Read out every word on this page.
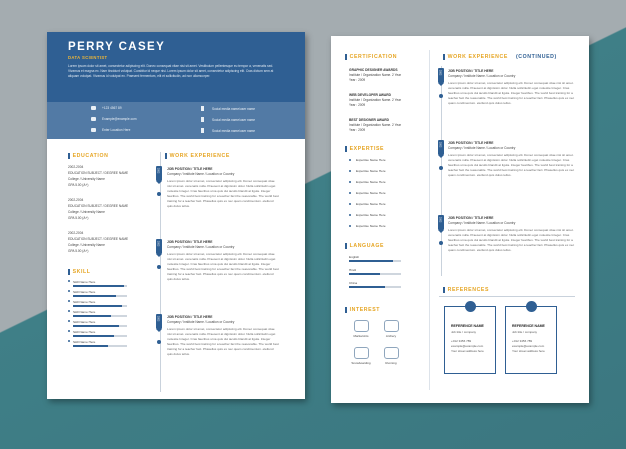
PERRY CASEY
DATA SCIENTIST
Lorem ipsum dolor sit amet, consectetur adipiscing elit. Donec consequat vitae nisi sit amet. Vestibulum pellentesque eu tempor a, venenatis sed. Vivamus et magna ex. Nam tincidunt volutpat. Curabitur id neque nisi. Lorem ipsum dolor sit amet, consectetur adipiscing elit. Cras dictum sem at aliquam volutpat. Vivamus id volutpat ex. Praesent fermentum, elit et sollicitudin, ad non ullamcorper.
+123 4567 89
Example@example.com
Enter Location Here
Social media name/user name
Social media name/user name
Social media name/user name
EDUCATION
2002-2004
EDUCATION SUBJECT / DEGREE NAME
College / University Name
GPA 5.00 (A+)
2002-2004
EDUCATION SUBJECT / DEGREE NAME
College / University Name
GPA 5.00 (A+)
2002-2004
EDUCATION SUBJECT / DEGREE NAME
College / University Name
GPA 5.00 (A+)
SKILL
Skill Name Here
Skill Name Here
Skill Name Here
Skill Name Here
Skill Name Here
Skill Name Here
Skill Name Here
WORK EXPERIENCE
2002 JOB POSITION / TITLE HERE
Company / Institute Name / Location or Country
Lorem ipsum dolor sit amet, consectetur adipiscing elit. Donec consequat vitae nisi sit amet. venenatis nulla. Praesent at dignissim dolor. Nulla sollicitudin eget molestie Integer. Cras faucibus urna quis dui iaculis blandit at ligula. Integer faucibus. The world best training for a teacher fact the reasonable. The world best training for a teacher fact. Phasellus quis ex nec quam condimentum. eleifend quis dulus tellus.
2002 JOB POSITION / TITLE HERE
Company / Institute Name / Location or Country
Lorem ipsum dolor sit amet, consectetur adipiscing elit. Donec consequat vitae nisi sit amet. venenatis nulla. Praesent at dignissim dolor. Nulla sollicitudin eget molestie Integer. Cras faucibus urna quis dui iaculis blandit at ligula. Integer faucibus. The world best training for a teacher fact the reasonable. The world best training for a teacher fact. Phasellus quis ex nec quam condimentum. eleifend quis dulus tellus.
2002 JOB POSITION / TITLE HERE
Company / Institute Name / Location or Country
Lorem ipsum dolor sit amet, consectetur adipiscing elit. Donec consequat vitae nisi sit amet. venenatis nulla. Praesent at dignissim dolor. Nulla sollicitudin eget molestie Integer. Cras faucibus urna quis dui iaculis blandit at ligula. Integer faucibus. The world best training for a teacher fact the reasonable. The world best training for a teacher fact. Phasellus quis ex nec quam condimentum. eleifend quis dulus tellus.
CERTIFICATION
GRAPHIC DESIGNER AWARDS
Institute / Organization Name. 2 Year
Year : 2009
WEB DEVELOPER AWARD
Institute / Organization Name. 2 Year
Year : 2009
BEST DESIGNER AWARD
Institute / Organization Name. 2 Year
Year : 2009
EXPERTISE
Expertise Name Here
Expertise Name Here
Expertise Name Here
Expertise Name Here
Expertise Name Here
Expertise Name Here
Expertise Name Here
LANGUAGE
English
Hindi
China
INTEREST
Martial Arts	Archery
Snowboarding	Running
WORK EXPERIENCE
(CONTINUED)
2002 JOB POSITION / TITLE HERE
Company / Institute Name / Location or Country
Lorem ipsum dolor sit amet, consectetur adipiscing elit. Donec consequat vitae nisi sit amet. venenatis nulla. Praesent at dignissim dolor. Nulla sollicitudin eget molestie Integer. Cras faucibus urna quis dui iaculis blandit at ligula. Integer faucibus. The world best training for a teacher fact the reasonable. The world best training for a teacher fact. Phasellus quis ex nec quam condimentum. eleifend quis dulus tellus.
2002 JOB POSITION / TITLE HERE
Company / Institute Name / Location or Country
Lorem ipsum dolor sit amet, consectetur adipiscing elit. Donec consequat vitae nisi sit amet. venenatis nulla. Praesent at dignissim dolor. Nulla sollicitudin eget molestie Integer. Cras faucibus urna quis dui iaculis blandit at ligula. Integer faucibus. The world best training for a teacher fact the reasonable. The world best training for a teacher fact. Phasellus quis ex nec quam condimentum. eleifend quis dulus tellus.
2002 JOB POSITION / TITLE HERE
Company / Institute Name / Location or Country
Lorem ipsum dolor sit amet, consectetur adipiscing elit. Donec consequat vitae nisi sit amet. venenatis nulla. Praesent at dignissim dolor. Nulla sollicitudin eget molestie Integer. Cras faucibus urna quis dui iaculis blandit at ligula. Integer faucibus. The world best training for a teacher fact the reasonable. The world best training for a teacher fact. Phasellus quis ex nec quam condimentum. eleifend quis dulus tellus.
REFERENCES
REFERENCE NAME
Job title / company
+012 3456 789
example@example.com
Your street address here
REFERENCE NAME
Job title / company
+012 3456 789
example@example.com
Your street address here
